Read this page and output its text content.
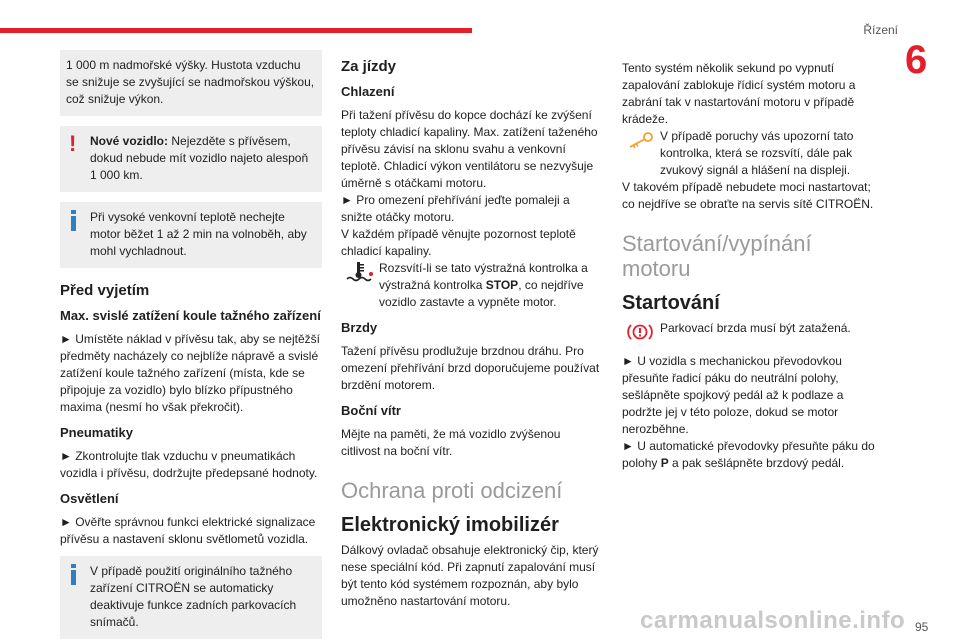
Řízení
6
1 000 m nadmořské výšky. Hustota vzduchu se snižuje se zvyšující se nadmořskou výškou, což snižuje výkon.
! Nové vozidlo: Nejezděte s přívěsem, dokud nebude mít vozidlo najeto alespoň 1 000 km.
Při vysoké venkovní teplotě nechejte motor běžet 1 až 2 min na volnoběh, aby mohl vychladnout.
Před vyjetím
Max. svislé zatížení koule tažného zařízení

► Umístěte náklad v přívěsu tak, aby se nejtěžší předměty nacházely co nejblíže nápravě a svislé zatížení koule tažného zařízení (místa, kde se připojuje za vozidlo) bylo blízko přípustného maxima (nesmí ho však překročit).

Pneumatiky

► Zkontrolujte tlak vzduchu v pneumatikách vozidla i přívěsu, dodržujte předepsané hodnoty.

Osvětlení

► Ověřte správnou funkci elektrické signalizace přívěsu a nastavení sklonu světlometů vozidla.

V případě použití originálního tažného zařízení CITROËN se automaticky deaktivuje funkce zadních parkovacích snímačů.
Za jízdy
Chlazení

Při tažení přívěsu do kopce dochází ke zvýšení teploty chladicí kapaliny. Max. zatížení taženého přívěsu závisí na sklonu svahu a venkovní teplotě. Chladicí výkon ventilátoru se nezvyšuje úměrně s otáčkami motoru.

► Pro omezení přehřívání jeďte pomaleji a snižte otáčky motoru.

V každém případě věnujte pozornost teplotě chladicí kapaliny.

Rozsvítí-li se tato výstražná kontrolka a výstražná kontrolka STOP, co nejdříve vozidlo zastavte a vypněte motor.

Brzdy

Tažení přívěsu prodlužuje brzdnou dráhu. Pro omezení přehřívání brzd doporučujeme používat brzdění motorem.

Boční vítr

Mějte na paměti, že má vozidlo zvýšenou citlivost na boční vítr.

Ochrana proti odcizení
Elektronický imobilizér

Dálkový ovladač obsahuje elektronický čip, který nese speciální kód. Při zapnutí zapalování musí být tento kód systémem rozpoznán, aby bylo umožněno nastartování motoru.

Tento systém několik sekund po vypnutí zapalování zablokuje řídicí systém motoru a zabrání tak v nastartování motoru v případě krádeže.

V případě poruchy vás upozorní tato kontrolka, která se rozsvítí, dále pak zvukový signál a hlášení na displeji.

V takovém případě nebudete moci nastartovat; co nejdříve se obraťte na servis sítě CITROËN.

Startování/vypínání motoru
Startování

Parkovací brzda musí být zatažená.

► U vozidla s mechanickou převodovkou přesuňte řadicí páku do neutrální polohy, sešlápněte spojkový pedál až k podlaze a podržte jej v této poloze, dokud se motor nerozběhne.

► U automatické převodovky přesuňte páku do polohy P a pak sešlápněte brzdový pedál.

carmanualsonline.info 95
